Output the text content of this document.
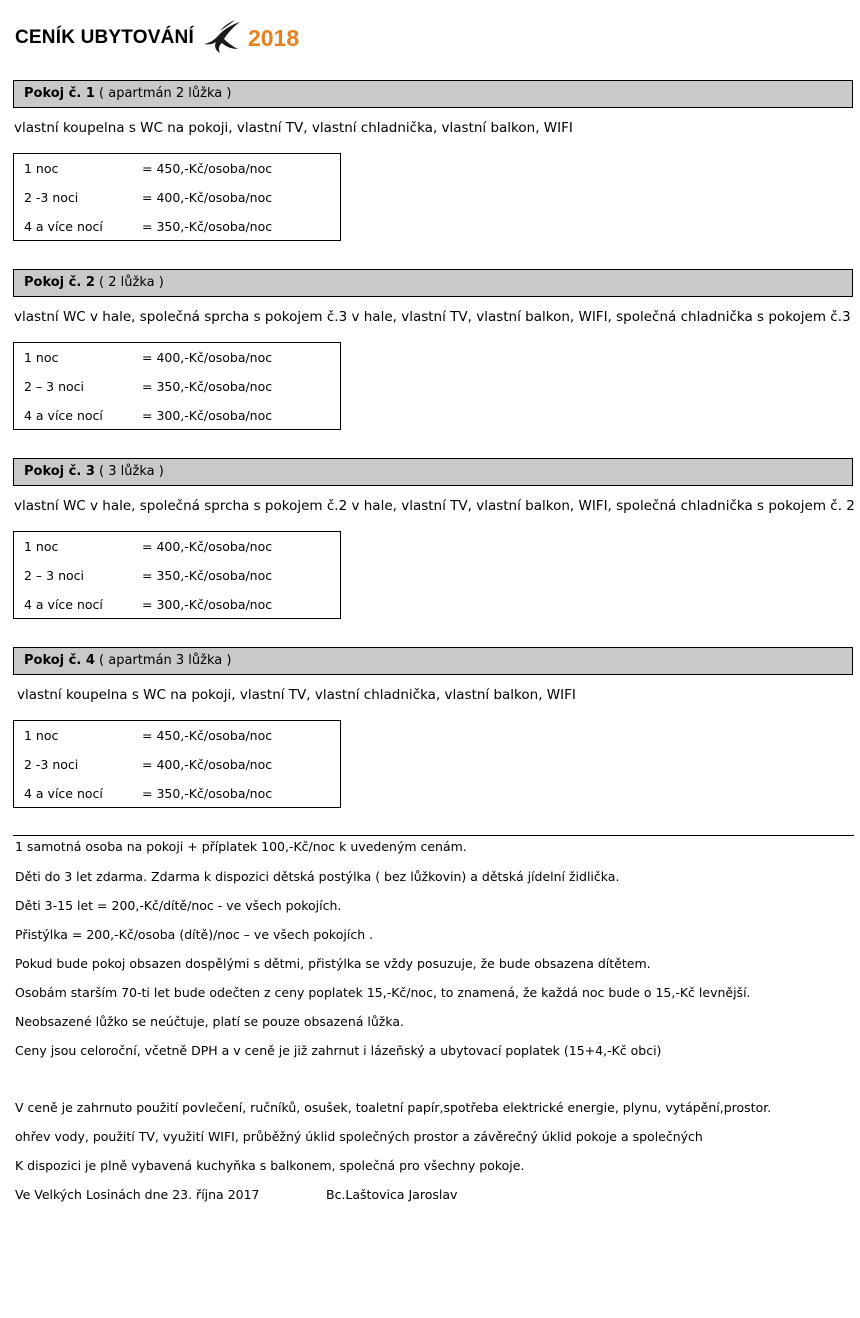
CENÍK UBYTOVÁNÍ 2018
Pokoj č. 1 ( apartmán 2 lůžka )
vlastní koupelna s WC na pokoji, vlastní TV, vlastní chladnička, vlastní balkon, WIFI
1 noc	= 450,-Kč/osoba/noc
2 -3 noci	= 400,-Kč/osoba/noc
4 a více nocí	= 350,-Kč/osoba/noc
Pokoj č. 2 ( 2 lůžka )
vlastní WC v hale, společná sprcha s pokojem č.3 v hale, vlastní TV, vlastní balkon, WIFI, společná chladnička s pokojem č.3
1 noc	= 400,-Kč/osoba/noc
2 – 3 noci	= 350,-Kč/osoba/noc
4 a více nocí	= 300,-Kč/osoba/noc
Pokoj č. 3 ( 3 lůžka )
vlastní WC v hale, společná sprcha s pokojem č.2 v hale, vlastní TV, vlastní balkon, WIFI, společná chladnička s pokojem č. 2
1 noc	= 400,-Kč/osoba/noc
2 – 3 noci	= 350,-Kč/osoba/noc
4 a více nocí	= 300,-Kč/osoba/noc
Pokoj č. 4 ( apartmán 3 lůžka )
vlastní koupelna s WC na pokoji, vlastní TV, vlastní chladnička, vlastní balkon, WIFI
1 noc	= 450,-Kč/osoba/noc
2 -3 noci	= 400,-Kč/osoba/noc
4 a více nocí	= 350,-Kč/osoba/noc
1 samotná osoba na pokoji + příplatek 100,-Kč/noc k uvedeným cenám.
Děti do 3 let zdarma. Zdarma k dispozici dětská postýlka ( bez lůžkovin) a dětská jídelní židlička.
Děti 3-15 let = 200,-Kč/dítě/noc - ve všech pokojích.
Přistýlka = 200,-Kč/osoba (dítě)/noc – ve všech pokojích .
Pokud bude pokoj obsazen dospělými s dětmi, přistýlka se vždy posuzuje, že bude obsazena dítětem.
Osobám starším 70-ti let bude odečten z ceny poplatek 15,-Kč/noc, to znamená, že každá noc bude o 15,-Kč levnější.
Neobsazené lůžko se neúčtuje, platí se pouze obsazená lůžka.
Ceny jsou celoroční, včetně DPH a v ceně je již zahrnut i lázeňský a ubytovací poplatek (15+4,-Kč obci)
V ceně je zahrnuto použití povlečení, ručníků, osušek, toaletní papír,spotřeba elektrické energie, plynu, vytápění,prostor.
ohřev vody, použití TV, využití WIFI, průběžný úklid společných prostor a závěrečný úklid pokoje a společných
K dispozici je plně vybavená kuchyňka s balkonem, společná pro všechny pokoje.
Ve Velkých Losinách dne 23. října 2017	Bc.Laštovica Jaroslav
